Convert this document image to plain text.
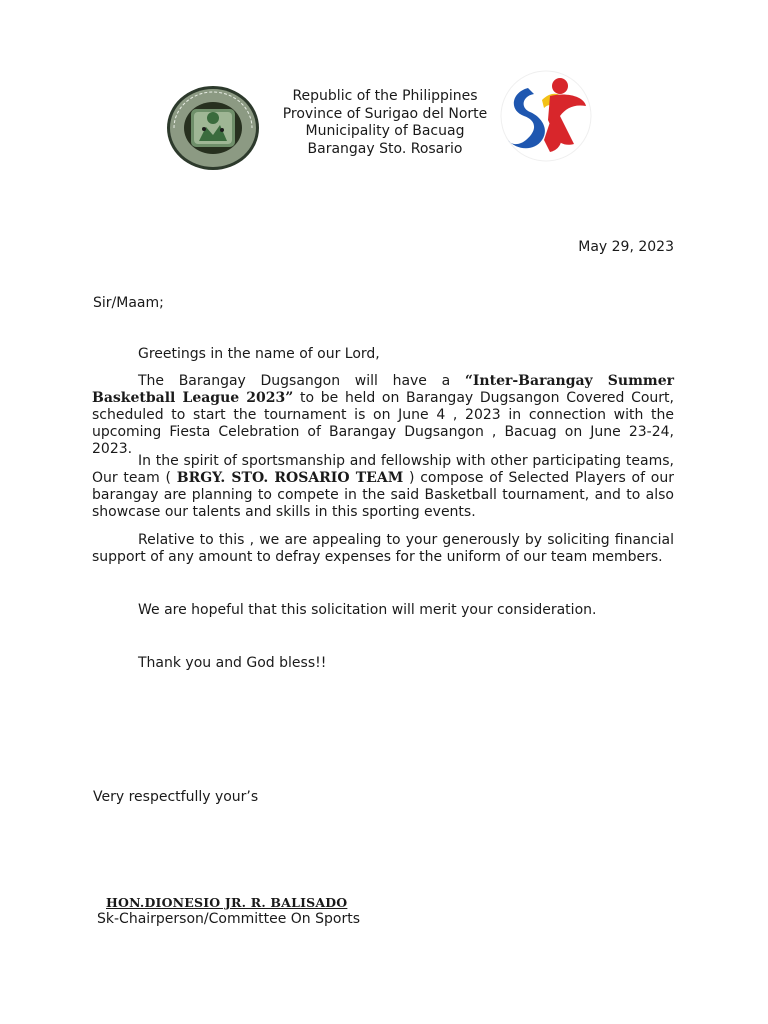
Republic of the Philippines
Province of Surigao del Norte
Municipality of Bacuag
Barangay Sto. Rosario
May 29, 2023
Sir/Maam;
Greetings in the name of our Lord,
The Barangay Dugsangon will have a “Inter-Barangay Summer Basketball League 2023” to be held on Barangay Dugsangon Covered Court, scheduled to start the tournament is on June 4 , 2023 in connection with the upcoming Fiesta Celebration of Barangay Dugsangon , Bacuag on June 23-24, 2023.
In the spirit of sportsmanship and fellowship with other participating teams, Our team ( BRGY. STO. ROSARIO TEAM ) compose of Selected Players of our barangay are planning to compete in the said Basketball tournament, and to also showcase our talents and skills in this sporting events.
Relative to this , we are appealing to your generously by soliciting financial support of any amount to defray expenses for the uniform of our team members.
We are hopeful that this solicitation will merit your consideration.
Thank you and God bless!!
Very respectfully your’s
HON.DIONESIO JR. R. BALISADO
Sk-Chairperson/Committee On Sports
